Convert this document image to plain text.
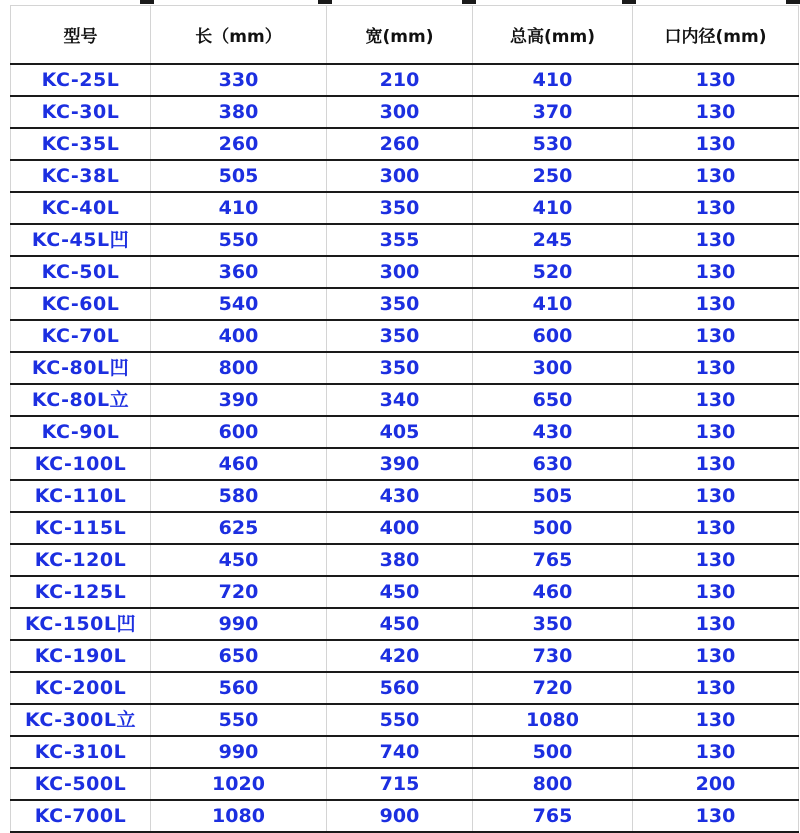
型号	长（mm）	宽(mm)	总高(mm)	口内径(mm)
KC-25L	330	210	410	130
KC-30L	380	300	370	130
KC-35L	260	260	530	130
KC-38L	505	300	250	130
KC-40L	410	350	410	130
KC-45L凹	550	355	245	130
KC-50L	360	300	520	130
KC-60L	540	350	410	130
KC-70L	400	350	600	130
KC-80L凹	800	350	300	130
KC-80L立	390	340	650	130
KC-90L	600	405	430	130
KC-100L	460	390	630	130
KC-110L	580	430	505	130
KC-115L	625	400	500	130
KC-120L	450	380	765	130
KC-125L	720	450	460	130
KC-150L凹	990	450	350	130
KC-190L	650	420	730	130
KC-200L	560	560	720	130
KC-300L立	550	550	1080	130
KC-310L	990	740	500	130
KC-500L	1020	715	800	200
KC-700L	1080	900	765	130
